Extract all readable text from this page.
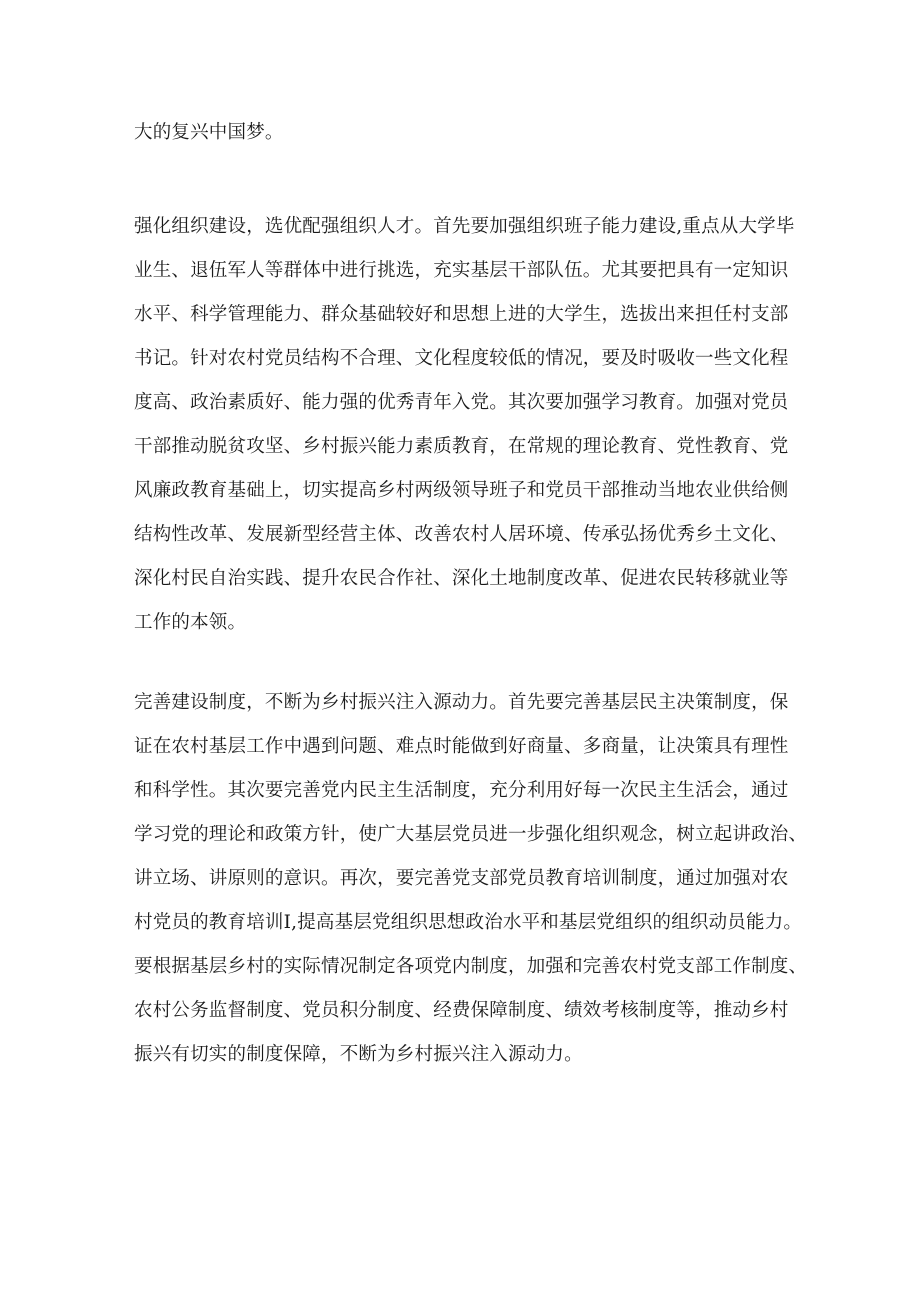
大的复兴中国梦。
强化组织建设，选优配强组织人才。首先要加强组织班子能力建设,重点从大学毕
业生、退伍军人等群体中进行挑选，充实基层干部队伍。尤其要把具有一定知识
水平、科学管理能力、群众基础较好和思想上进的大学生，选拔出来担任村支部
书记。针对农村党员结构不合理、文化程度较低的情况，要及时吸收一些文化程
度高、政治素质好、能力强的优秀青年入党。其次要加强学习教育。加强对党员
干部推动脱贫攻坚、乡村振兴能力素质教育，在常规的理论教育、党性教育、党
风廉政教育基础上，切实提高乡村两级领导班子和党员干部推动当地农业供给侧
结构性改革、发展新型经营主体、改善农村人居环境、传承弘扬优秀乡土文化、
深化村民自治实践、提升农民合作社、深化土地制度改革、促进农民转移就业等
工作的本领。
完善建设制度，不断为乡村振兴注入源动力。首先要完善基层民主决策制度，保
证在农村基层工作中遇到问题、难点时能做到好商量、多商量，让决策具有理性
和科学性。其次要完善党内民主生活制度，充分利用好每一次民主生活会，通过
学习党的理论和政策方针，使广大基层党员进一步强化组织观念，树立起讲政治、
讲立场、讲原则的意识。再次，要完善党支部党员教育培训制度，通过加强对农
村党员的教育培训I,提高基层党组织思想政治水平和基层党组织的组织动员能力。
要根据基层乡村的实际情况制定各项党内制度，加强和完善农村党支部工作制度、
农村公务监督制度、党员积分制度、经费保障制度、绩效考核制度等，推动乡村
振兴有切实的制度保障，不断为乡村振兴注入源动力。
